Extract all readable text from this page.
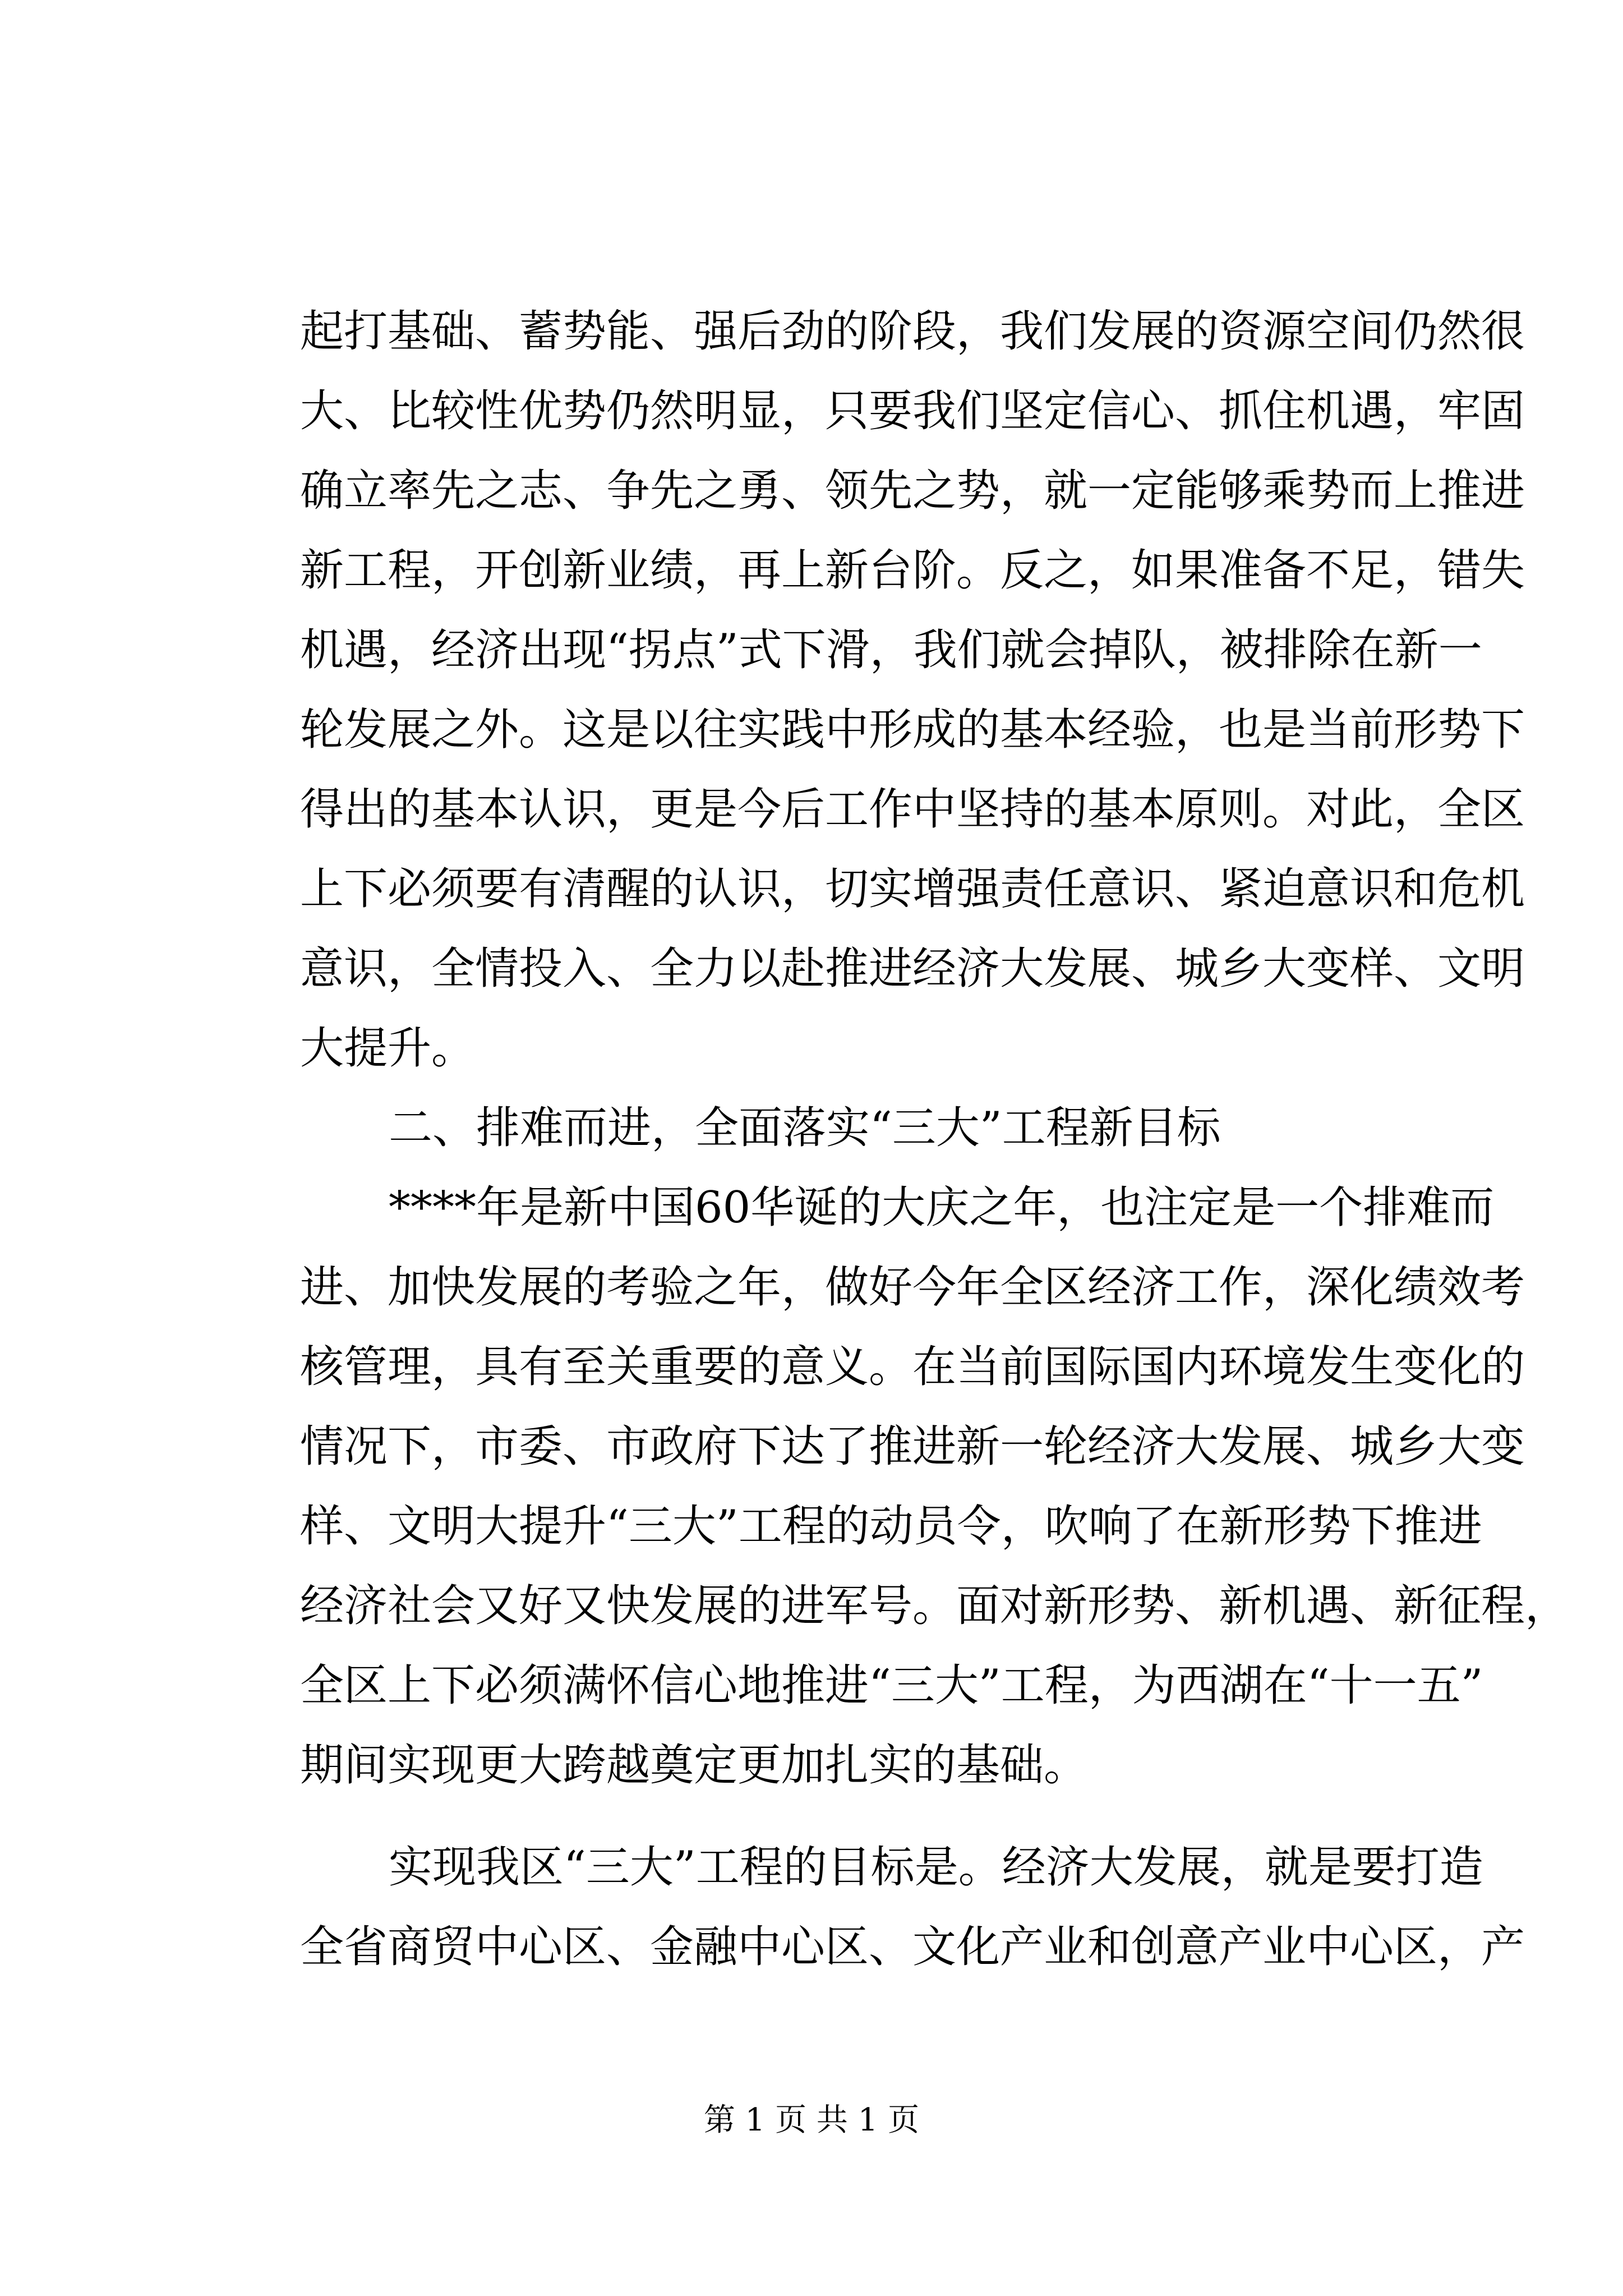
起打基础、蓄势能、强后劲的阶段，我们发展的资源空间仍然很
大、比较性优势仍然明显，只要我们坚定信心、抓住机遇，牢固
确立率先之志、争先之勇、领先之势，就一定能够乘势而上推进
新工程，开创新业绩，再上新台阶。反之，如果准备不足，错失
机遇，经济出现“拐点”式下滑，我们就会掉队，被排除在新一
轮发展之外。这是以往实践中形成的基本经验，也是当前形势下
得出的基本认识，更是今后工作中坚持的基本原则。对此，全区
上下必须要有清醒的认识，切实增强责任意识、紧迫意识和危机
意识，全情投入、全力以赴推进经济大发展、城乡大变样、文明
大提升。
二、排难而进，全面落实“三大”工程新目标
****年是新中国60华诞的大庆之年，也注定是一个排难而
进、加快发展的考验之年，做好今年全区经济工作，深化绩效考
核管理，具有至关重要的意义。在当前国际国内环境发生变化的
情况下，市委、市政府下达了推进新一轮经济大发展、城乡大变
样、文明大提升“三大”工程的动员令，吹响了在新形势下推进
经济社会又好又快发展的进军号。面对新形势、新机遇、新征程，
全区上下必须满怀信心地推进“三大”工程，为西湖在“十一五”
期间实现更大跨越奠定更加扎实的基础。
实现我区“三大”工程的目标是。经济大发展，就是要打造
全省商贸中心区、金融中心区、文化产业和创意产业中心区，产
第 1 页 共 1 页
